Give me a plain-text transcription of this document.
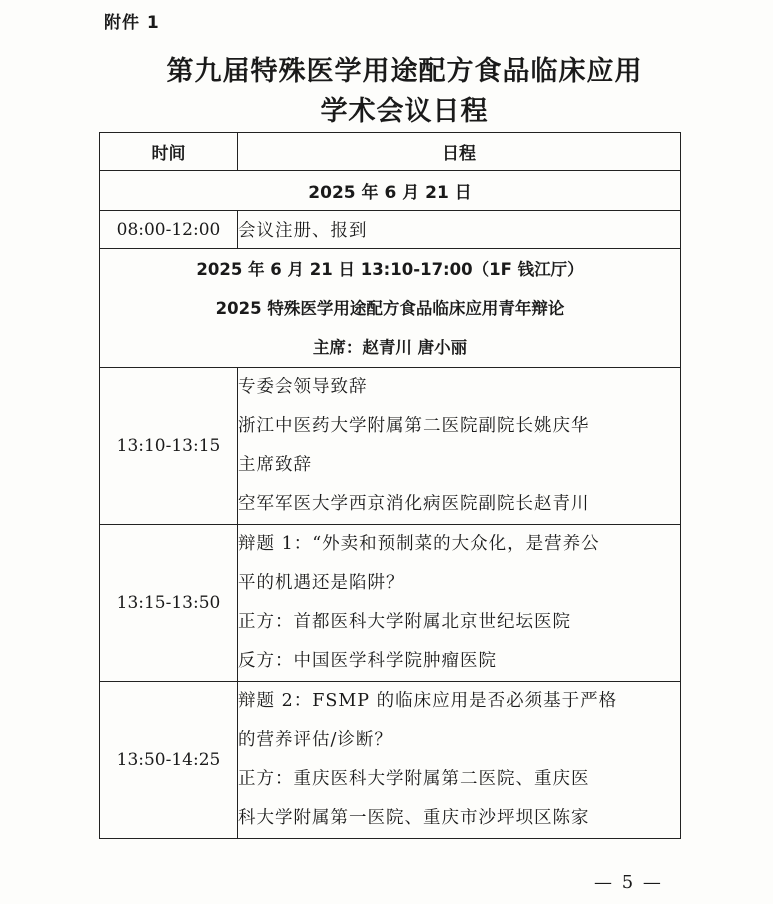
附件 1
第九届特殊医学用途配方食品临床应用
学术会议日程
时间	日程
2025 年 6 月 21 日	
08:00-12:00	会议注册、报到

2025 年 6 月 21 日 13:10-17:00（1F 钱江厅）
2025 特殊医学用途配方食品临床应用青年辩论
主席：赵青川 唐小丽	

13:10-13:15	专委会领导致辞
浙江中医药大学附属第二医院副院长姚庆华
主席致辞
空军军医大学西京消化病医院副院长赵青川

13:15-13:50	辩题 1：“外卖和预制菜的大众化，是营养公
平的机遇还是陷阱？
正方：首都医科大学附属北京世纪坛医院
反方：中国医学科学院肿瘤医院

13:50-14:25	辩题 2：FSMP 的临床应用是否必须基于严格
的营养评估/诊断？
正方：重庆医科大学附属第二医院、重庆医
科大学附属第一医院、重庆市沙坪坝区陈家
— 5 —
